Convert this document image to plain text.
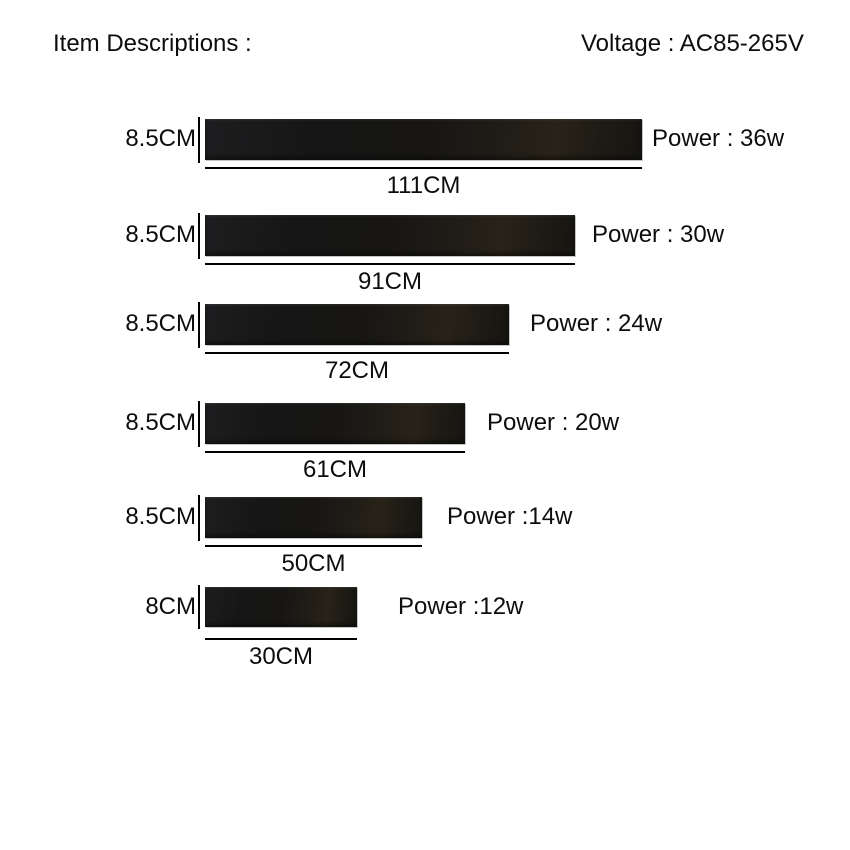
Item Descriptions :	Voltage : AC85-265V
8.5CM
111CM
Power : 36w
8.5CM
91CM
Power : 30w
8.5CM
72CM
Power : 24w
8.5CM
61CM
Power : 20w
8.5CM
50CM
Power :14w
8CM
30CM
Power :12w
